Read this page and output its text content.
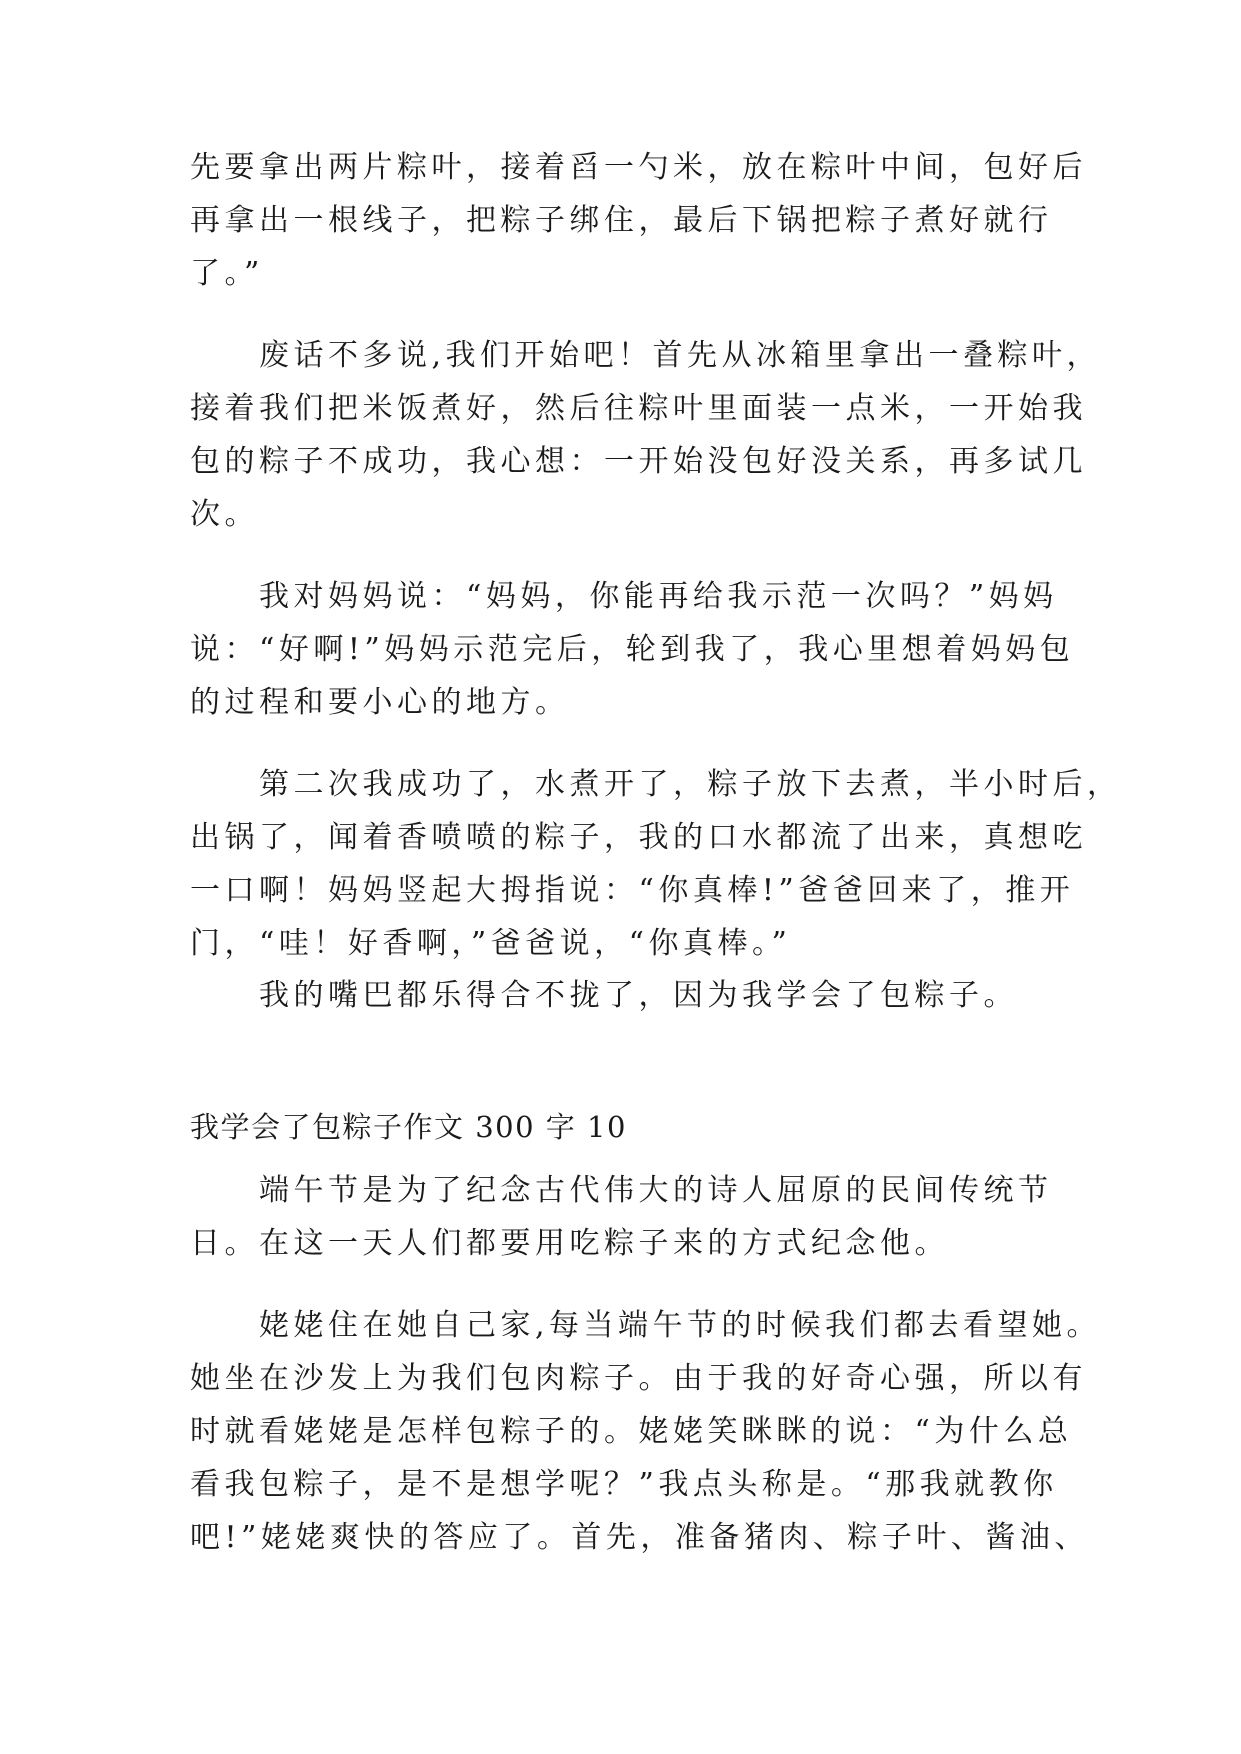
先要拿出两片粽叶，接着舀一勺米，放在粽叶中间，包好后

再拿出一根线子，把粽子绑住，最后下锅把粽子煮好就行

了。”

　　废话不多说,我们开始吧！首先从冰箱里拿出一叠粽叶，

接着我们把米饭煮好，然后往粽叶里面装一点米，一开始我

包的粽子不成功，我心想：一开始没包好没关系，再多试几

次。

　　我对妈妈说：“妈妈，你能再给我示范一次吗？”妈妈

说：“好啊!”妈妈示范完后，轮到我了，我心里想着妈妈包

的过程和要小心的地方。

　　第二次我成功了，水煮开了，粽子放下去煮，半小时后，

出锅了，闻着香喷喷的粽子，我的口水都流了出来，真想吃

一口啊！妈妈竖起大拇指说：“你真棒!”爸爸回来了，推开

门，“哇！好香啊，”爸爸说，“你真棒。”

　　我的嘴巴都乐得合不拢了，因为我学会了包粽子。

我学会了包粽子作文 300 字 10

　　端午节是为了纪念古代伟大的诗人屈原的民间传统节

日。在这一天人们都要用吃粽子来的方式纪念他。

　　姥姥住在她自己家,每当端午节的时候我们都去看望她。

她坐在沙发上为我们包肉粽子。由于我的好奇心强，所以有

时就看姥姥是怎样包粽子的。姥姥笑眯眯的说：“为什么总

看我包粽子，是不是想学呢？”我点头称是。“那我就教你

吧!”姥姥爽快的答应了。首先，准备猪肉、粽子叶、酱油、
